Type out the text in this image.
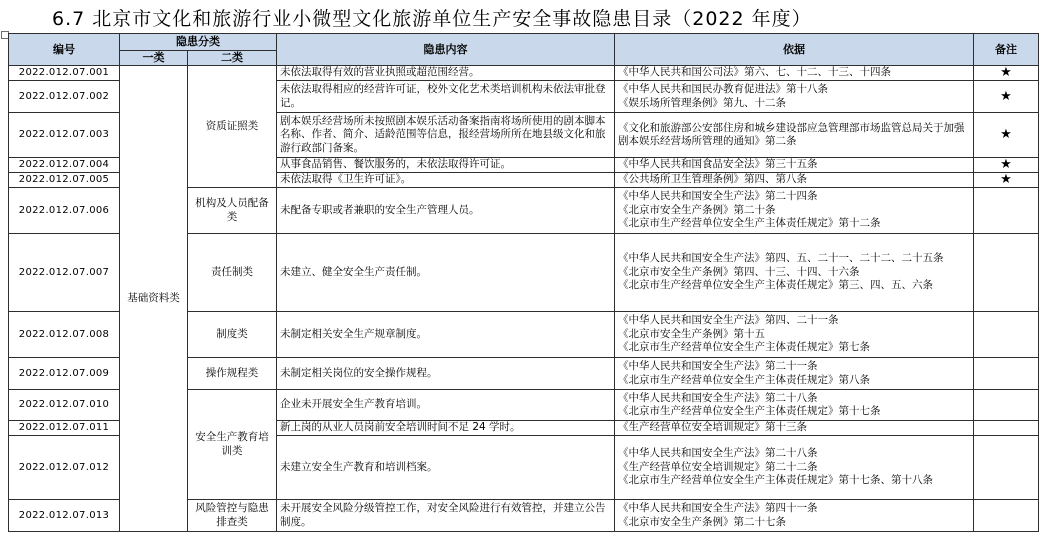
6.7 北京市文化和旅游行业小微型文化旅游单位生产安全事故隐患目录（2022 年度）
编号	隐患分类		隐患内容	依据	备注
	一类	二类			
2022.012.07.001	基础资料类	资质证照类	未依法取得有效的营业执照或超范围经营。	《中华人民共和国公司法》第六、七、十二、十三、十四条	★
2022.012.07.002			未依法取得相应的经营许可证，校外文化艺术类培训机构未依法审批登记。	《中华人民共和国民办教育促进法》第十八条
《娱乐场所管理条例》第九、十二条	★
2022.012.07.003			剧本娱乐经营场所未按照剧本娱乐活动备案指南将场所使用的剧本脚本名称、作者、简介、适龄范围等信息，报经营场所所在地县级文化和旅游行政部门备案。	《文化和旅游部公安部住房和城乡建设部应急管理部市场监管总局关于加强剧本娱乐经营场所管理的通知》第二条	★
2022.012.07.004			从事食品销售、餐饮服务的，未依法取得许可证。	《中华人民共和国食品安全法》第三十五条	★
2022.012.07.005			未依法取得《卫生许可证》。	《公共场所卫生管理条例》第四、第八条	★
2022.012.07.006		机构及人员配备类	未配备专职或者兼职的安全生产管理人员。	《中华人民共和国安全生产法》第二十四条
《北京市安全生产条例》第二十条
《北京市生产经营单位安全生产主体责任规定》第十二条	

2022.012.07.007		责任制类	未建立、健全安全生产责任制。	《中华人民共和国安全生产法》第四、五、二十一、二十二、二十五条
《北京市安全生产条例》第四、十三、十四、十六条
《北京市生产经营单位安全生产主体责任规定》第三、四、五、六条	

2022.012.07.008		制度类	未制定相关安全生产规章制度。	《中华人民共和国安全生产法》第四、二十一条
《北京市安全生产条例》第十五
《北京市生产经营单位安全生产主体责任规定》第七条	

2022.012.07.009		操作规程类	未制定相关岗位的安全操作规程。	《中华人民共和国安全生产法》第二十一条
《北京市生产经营单位安全生产主体责任规定》第八条	

2022.012.07.010		安全生产教育培训类	企业未开展安全生产教育培训。	《中华人民共和国安全生产法》第二十八条
《北京市生产经营单位安全生产主体责任规定》第十七条	

2022.012.07.011			新上岗的从业人员岗前安全培训时间不足 24 学时。	《生产经营单位安全培训规定》第十三条	

2022.012.07.012			未建立安全生产教育和培训档案。	《中华人民共和国安全生产法》第二十八条
《生产经营单位安全培训规定》第二十二条
《北京市生产经营单位安全生产主体责任规定》第十七条、第十八条	

2022.012.07.013		风险管控与隐患排查类	未开展安全风险分级管控工作，对安全风险进行有效管控，并建立公告制度。	《中华人民共和国安全生产法》第四十一条
《北京市安全生产条例》第二十七条	
